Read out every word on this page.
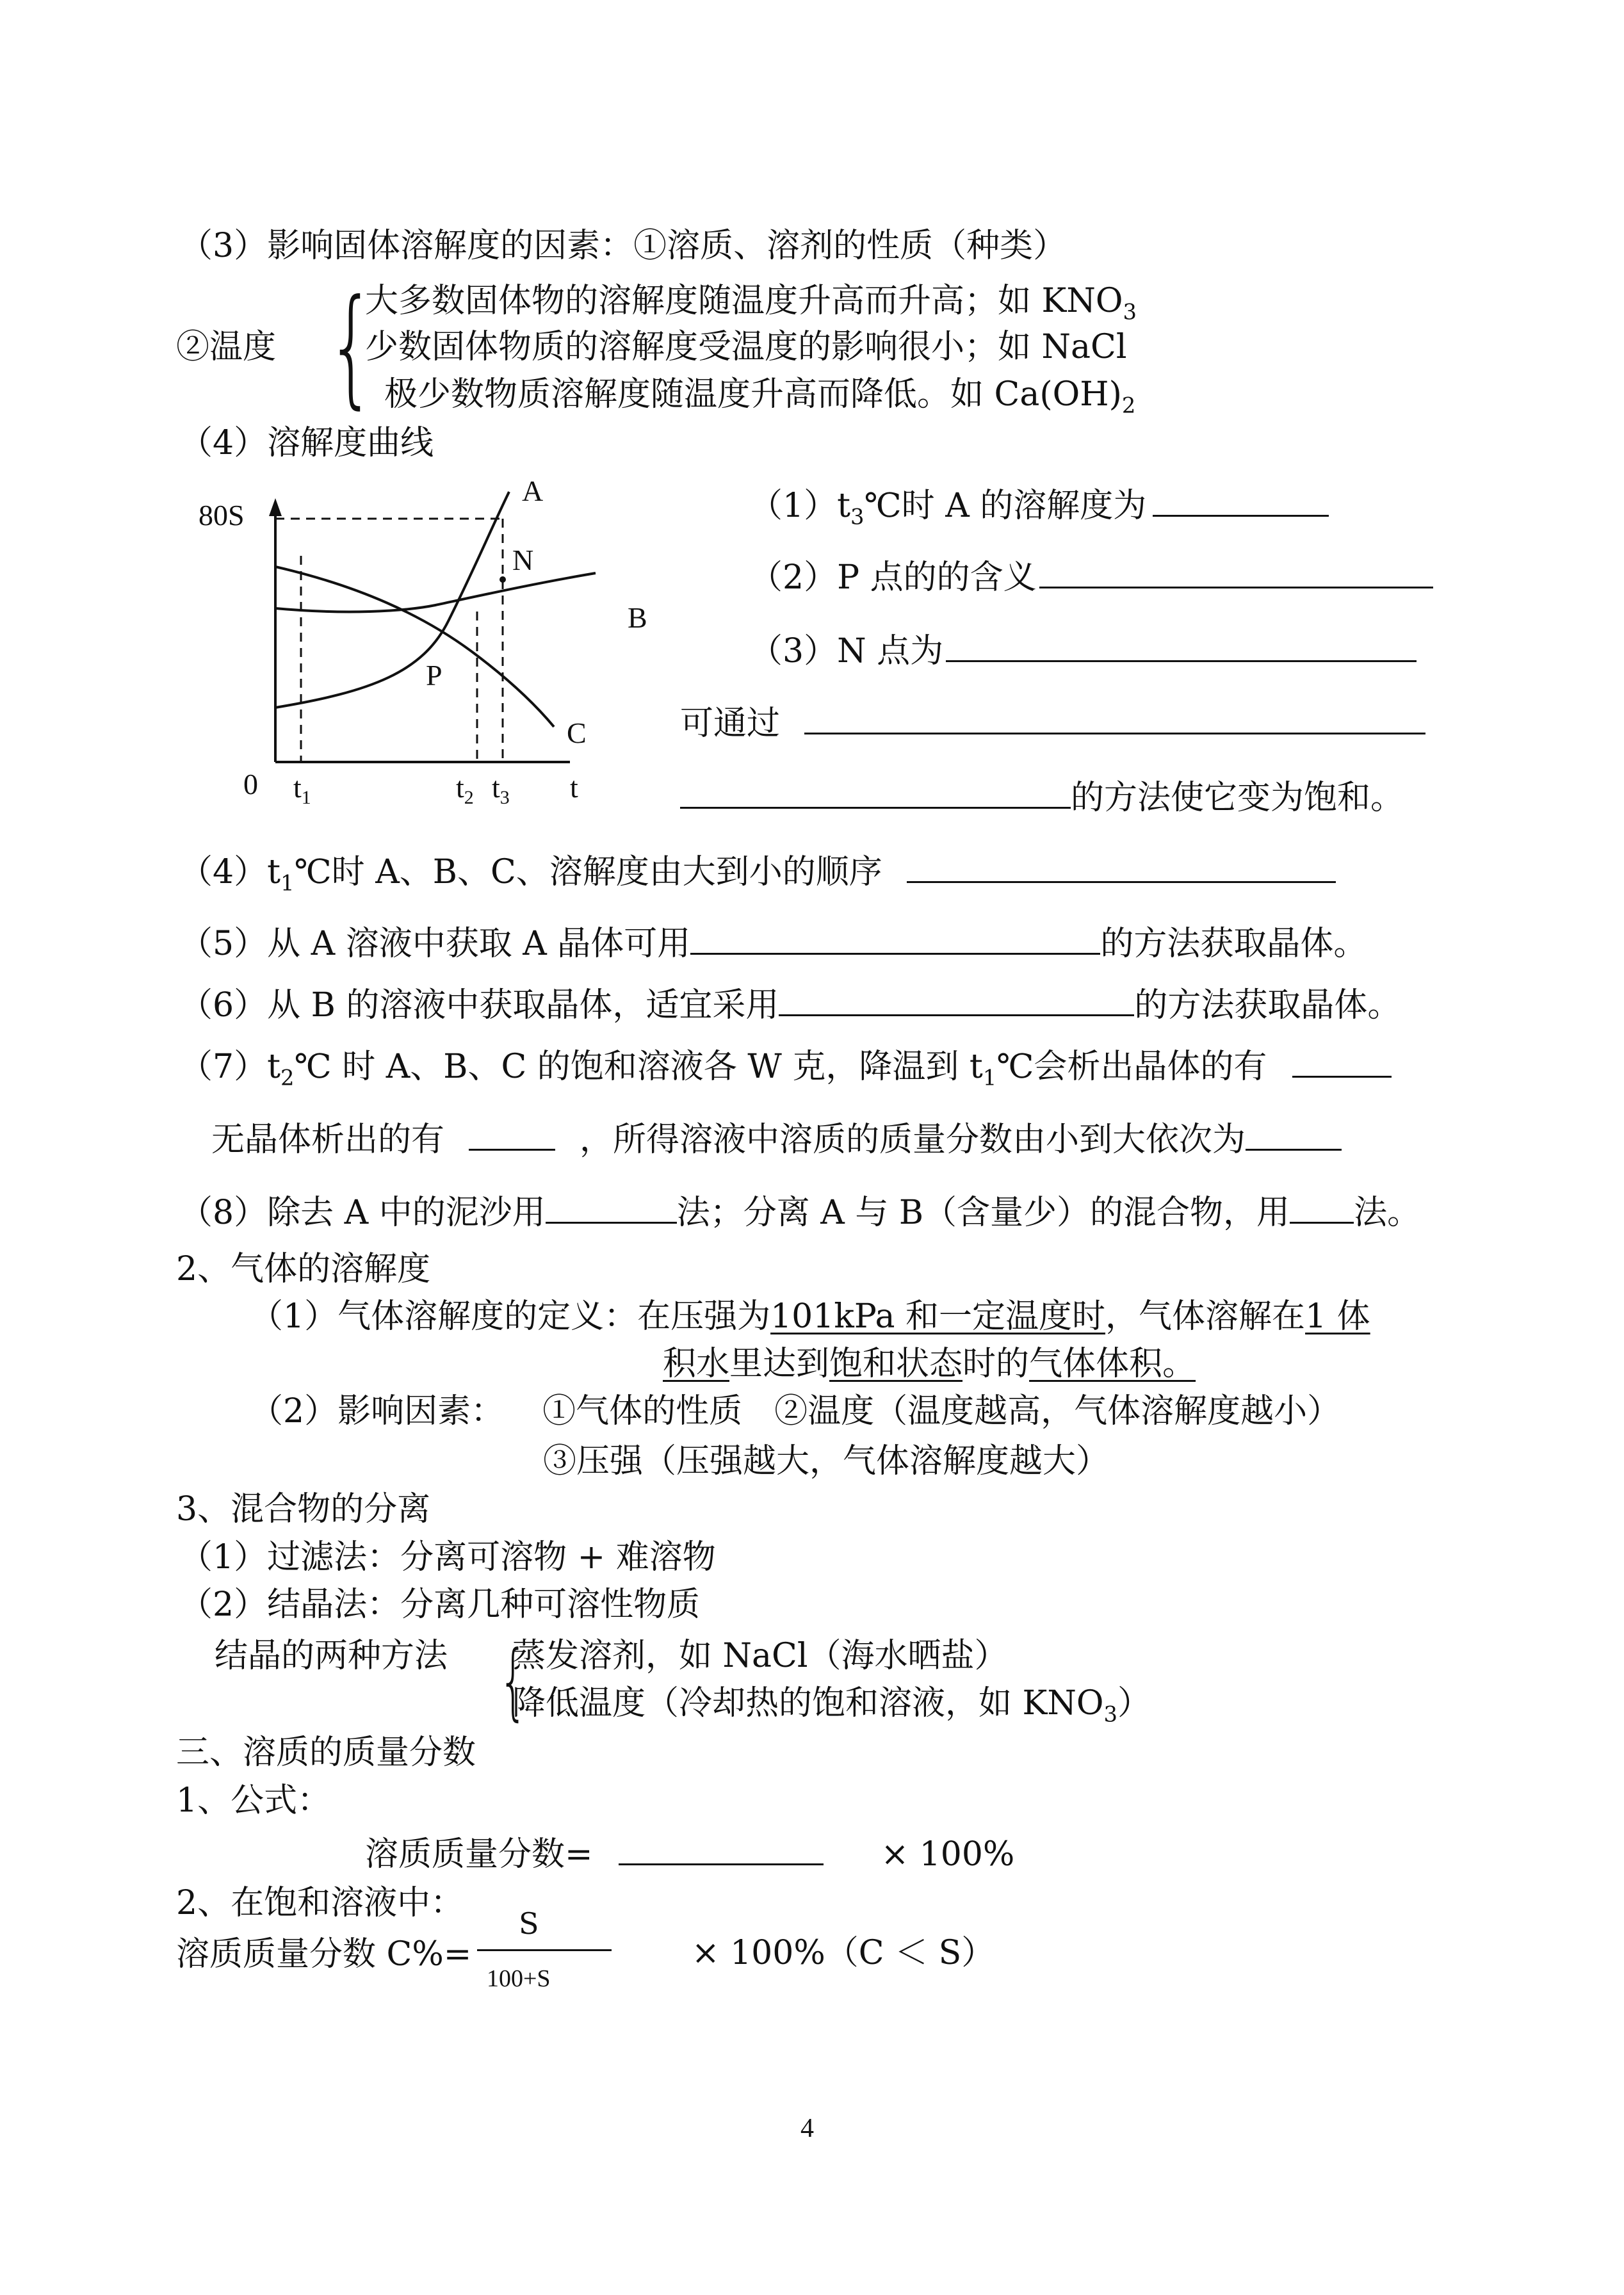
（3）影响固体溶解度的因素：①溶质、溶剂的性质（种类）
②温度 {
大多数固体物的溶解度随温度升高而升高；如 $KNO_3$
少数固体物质的溶解度受温度的影响很小；如 NaCl
极少数物质溶解度随温度升高而降低。如 $Ca(OH)_2$
（4）溶解度曲线
80S
0	t
$t_1$	$t_2$ $t_3$
A
B
C
N
P
$(1)t_3℃$时 A 的溶解度为
（2）P 点的的含义
（3）N 点为
可通过
的方法使它变为饱和。
$(4)t_1℃$时 A、B、C、溶解度由大到小的顺序
（5）从 A 溶液中获取 A 晶体可用	的方法获取晶体。
（6）从 B 的溶液中获取晶体，适宜采用	的方法获取晶体。
$(7)t_2℃$ 时 A、B、C 的饱和溶液各 W 克，降温到 $t_1℃$会析出晶体的有
无晶体析出的有	，所得溶液中溶质的质量分数由小到大依次为
（8）除去 A 中的泥沙用	法；分离 A 与 B（含量少）的混合物，用 法。
2、气体的溶解度
（1）气体溶解度的定义：在压强为101kPa 和一定温度时，气体溶解在1 体
积水里达到饱和状态时的气体体积。
（2）影响因素： ①气体的性质 ②温度（温度越高，气体溶解度越小）
③压强（压强越大，气体溶解度越大）
3、混合物的分离
（1）过滤法：分离可溶物 + 难溶物
（2）结晶法：分离几种可溶性物质
结晶的两种方法 {
蒸发溶剂，如 NaCl（海水晒盐）
降低温度（冷却热的饱和溶液，如 $KNO_3$）
三、溶质的质量分数
1、公式：
溶质质量分数=	× 100%
2、在饱和溶液中：
溶质质量分数 C%=
S
100+S
× 100%（C ＜ S）
4
